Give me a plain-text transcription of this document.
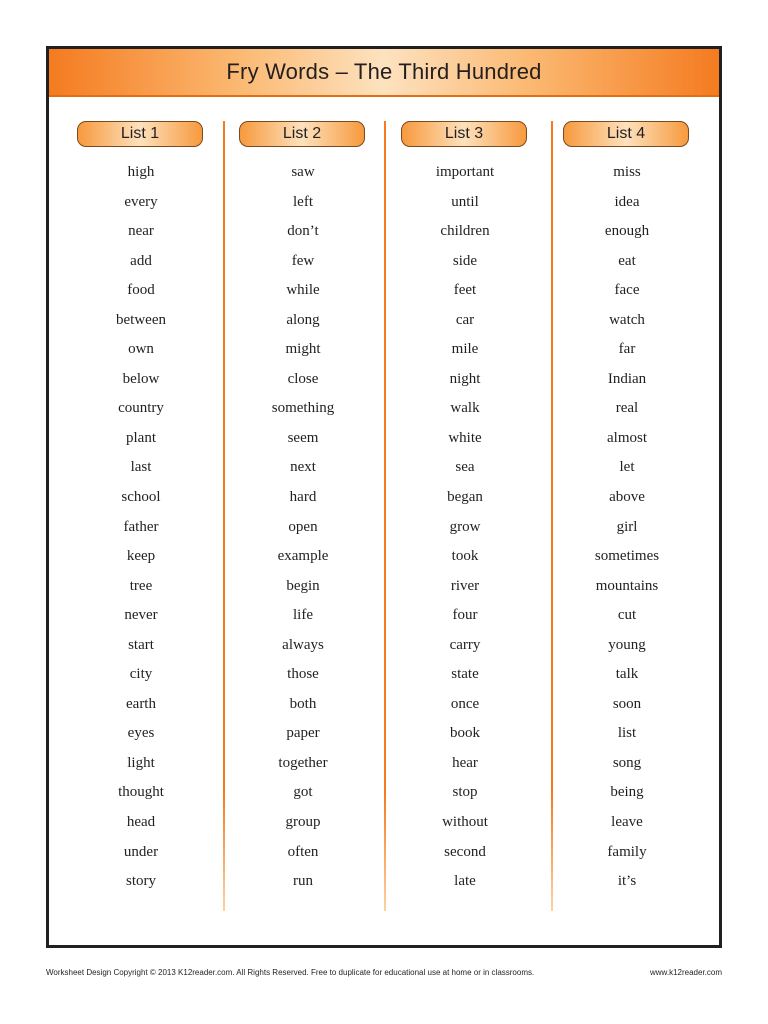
Fry Words – The Third Hundred
List 1
high
every
near
add
food
between
own
below
country
plant
last
school
father
keep
tree
never
start
city
earth
eyes
light
thought
head
under
story
List 2
saw
left
don’t
few
while
along
might
close
something
seem
next
hard
open
example
begin
life
always
those
both
paper
together
got
group
often
run
List 3
important
until
children
side
feet
car
mile
night
walk
white
sea
began
grow
took
river
four
carry
state
once
book
hear
stop
without
second
late
List 4
miss
idea
enough
eat
face
watch
far
Indian
real
almost
let
above
girl
sometimes
mountains
cut
young
talk
soon
list
song
being
leave
family
it’s
Worksheet Design Copyright © 2013 K12reader.com. All Rights Reserved. Free to duplicate for educational use at home or in classrooms.	www.k12reader.com
